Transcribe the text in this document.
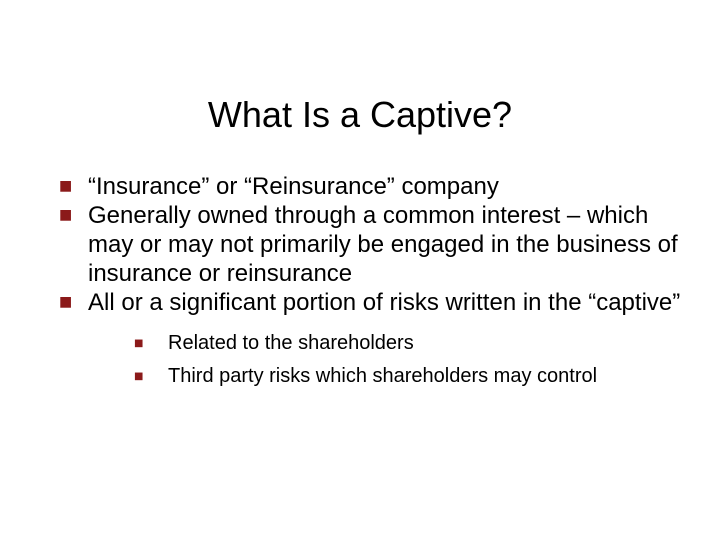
What Is a Captive?
■ “Insurance” or “Reinsurance” company
■ Generally owned through a common interest – which may or may not primarily be engaged in the business of insurance or reinsurance
■ All or a significant portion of risks written in the “captive”
■ Related to the shareholders
■ Third party risks which shareholders may control
